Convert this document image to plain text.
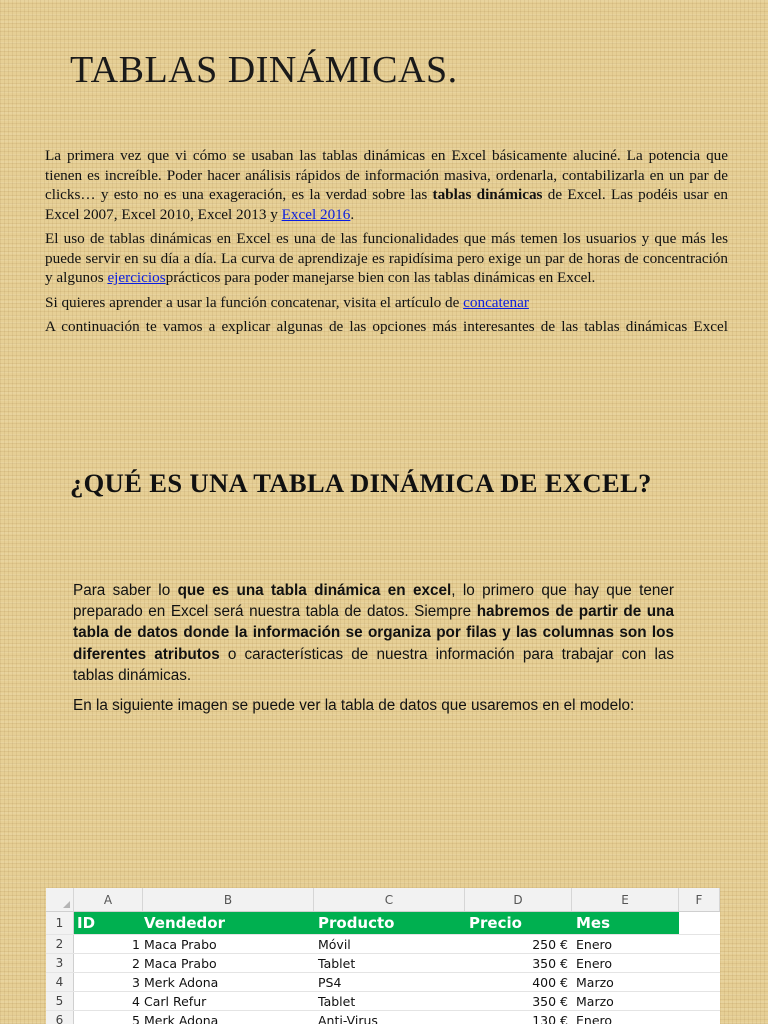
TABLAS DINÁMICAS.

La primera vez que vi cómo se usaban las tablas dinámicas en Excel básicamente aluciné. La potencia que tienen es increíble. Poder hacer análisis rápidos de información masiva, ordenarla, contabilizarla en un par de clicks… y esto no es una exageración, es la verdad sobre las tablas dinámicas de Excel. Las podéis usar en Excel 2007, Excel 2010, Excel 2013 y Excel 2016.

El uso de tablas dinámicas en Excel es una de las funcionalidades que más temen los usuarios y que más les puede servir en su día a día. La curva de aprendizaje es rapidísima pero exige un par de horas de concentración y algunos ejerciciosprácticos para poder manejarse bien con las tablas dinámicas en Excel.

Si quieres aprender a usar la función concatenar, visita el artículo de concatenar

A continuación te vamos a explicar algunas de las opciones más interesantes de las tablas dinámicas Excel

¿QUÉ ES UNA TABLA DINÁMICA DE EXCEL?

Para saber lo que es una tabla dinámica en excel, lo primero que hay que tener preparado en Excel será nuestra tabla de datos. Siempre habremos de partir de una tabla de datos donde la información se organiza por filas y las columnas son los diferentes atributos o características de nuestra información para trabajar con las tablas dinámicas.

En la siguiente imagen se puede ver la tabla de datos que usaremos en el modelo:

A	B	C	D	E	F
1 ID	Vendedor	Producto	Precio	Mes
2	1 Maca Prabo	Móvil	250 € Enero
3	2 Maca Prabo	Tablet	350 € Enero
4	3 Merk Adona	PS4	400 € Marzo
5	4 Carl Refur	Tablet	350 € Marzo
6	5 Merk Adona	Anti-Virus	130 € Enero
